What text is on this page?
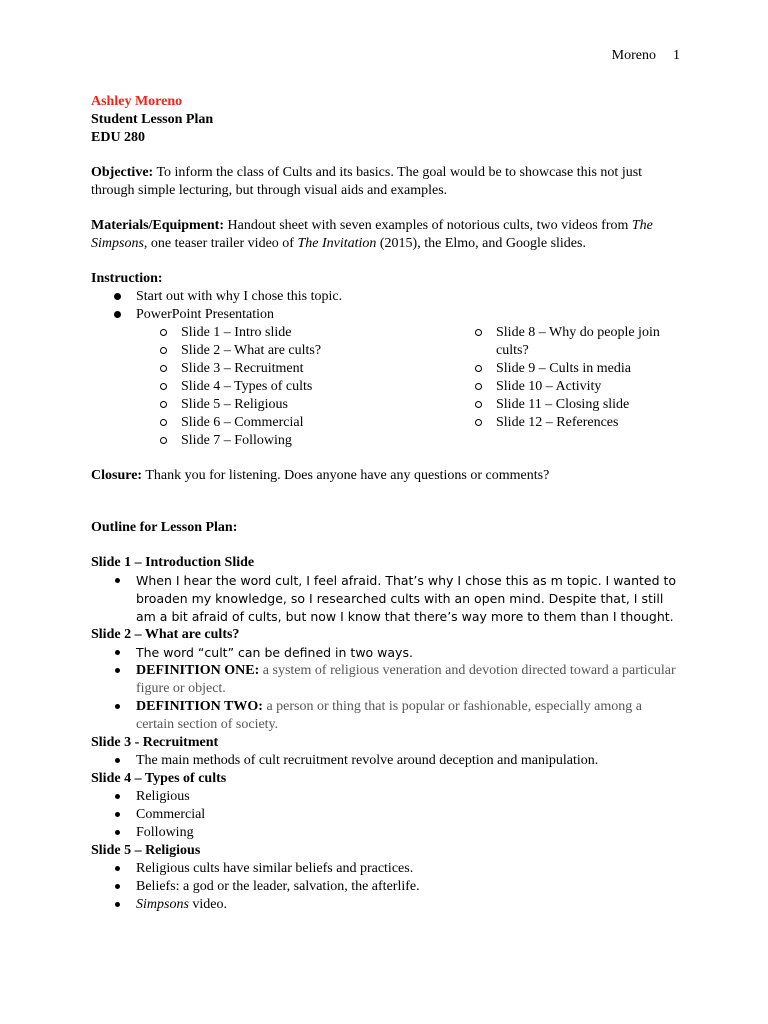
Moreno 1

Ashley Moreno

Student Lesson Plan

EDU 280

Objective: To inform the class of Cults and its basics. The goal would be to showcase this not just through simple lecturing, but through visual aids and examples.

Materials/Equipment: Handout sheet with seven examples of notorious cults, two videos from The Simpsons, one teaser trailer video of The Invitation (2015), the Elmo, and Google slides.

Instruction:

Start out with why I chose this topic.
PowerPoint Presentation
Slide 1 – Intro slide
Slide 2 – What are cults?
Slide 3 – Recruitment
Slide 4 – Types of cults
Slide 5 – Religious
Slide 6 – Commercial
Slide 7 – Following
Slide 8 – Why do people join cults?
Slide 9 – Cults in media
Slide 10 – Activity
Slide 11 – Closing slide
Slide 12 – References

Closure: Thank you for listening. Does anyone have any questions or comments?

Outline for Lesson Plan:

Slide 1 – Introduction Slide

When I hear the word cult, I feel afraid. That’s why I chose this as m topic. I wanted to broaden my knowledge, so I researched cults with an open mind. Despite that, I still am a bit afraid of cults, but now I know that there’s way more to them than I thought.

Slide 2 – What are cults?

The word “cult” can be defined in two ways.
DEFINITION ONE: a system of religious veneration and devotion directed toward a particular figure or object.
DEFINITION TWO: a person or thing that is popular or fashionable, especially among a certain section of society.

Slide 3 - Recruitment

The main methods of cult recruitment revolve around deception and manipulation.

Slide 4 – Types of cults

Religious
Commercial
Following

Slide 5 – Religious

Religious cults have similar beliefs and practices.
Beliefs: a god or the leader, salvation, the afterlife.
Simpsons video.
